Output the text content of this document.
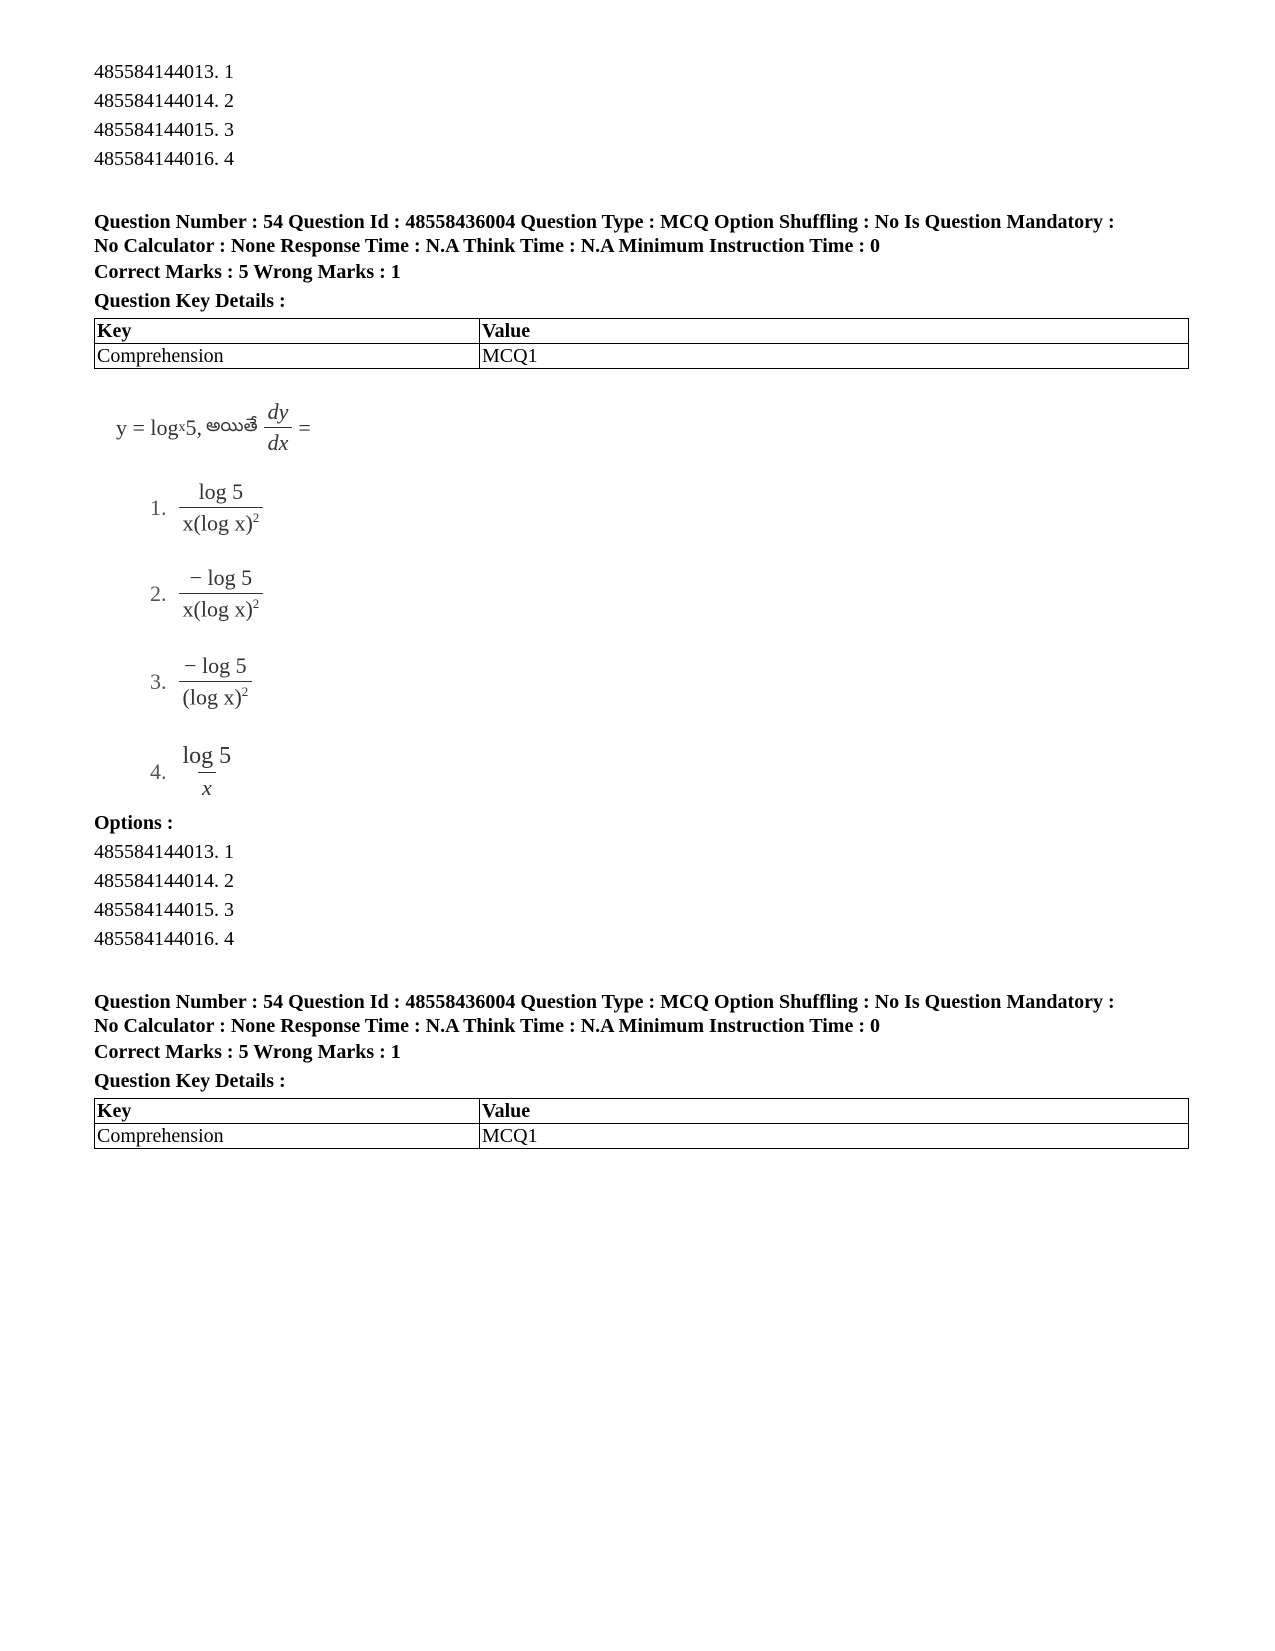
485584144013. 1
485584144014. 2
485584144015. 3
485584144016. 4
Question Number : 54 Question Id : 48558436004 Question Type : MCQ Option Shuffling : No Is Question Mandatory :
No Calculator : None Response Time : N.A Think Time : N.A Minimum Instruction Time : 0
Correct Marks : 5 Wrong Marks : 1
Question Key Details :
Key	Value
Comprehension	MCQ1
y = log x 5, అయితే $\frac{dy}{dx}$ =
1. $\frac{\log 5}{x(\log x)^2}$
2. $\frac{- \log 5}{x(\log x)^2}$
3. $\frac{- \log 5}{(\log x)^2}$
4. $\frac{\log 5}{x}$
Options :
485584144013. 1
485584144014. 2
485584144015. 3
485584144016. 4
Question Number : 54 Question Id : 48558436004 Question Type : MCQ Option Shuffling : No Is Question Mandatory :
No Calculator : None Response Time : N.A Think Time : N.A Minimum Instruction Time : 0
Correct Marks : 5 Wrong Marks : 1
Question Key Details :
Key	Value
Comprehension	MCQ1
